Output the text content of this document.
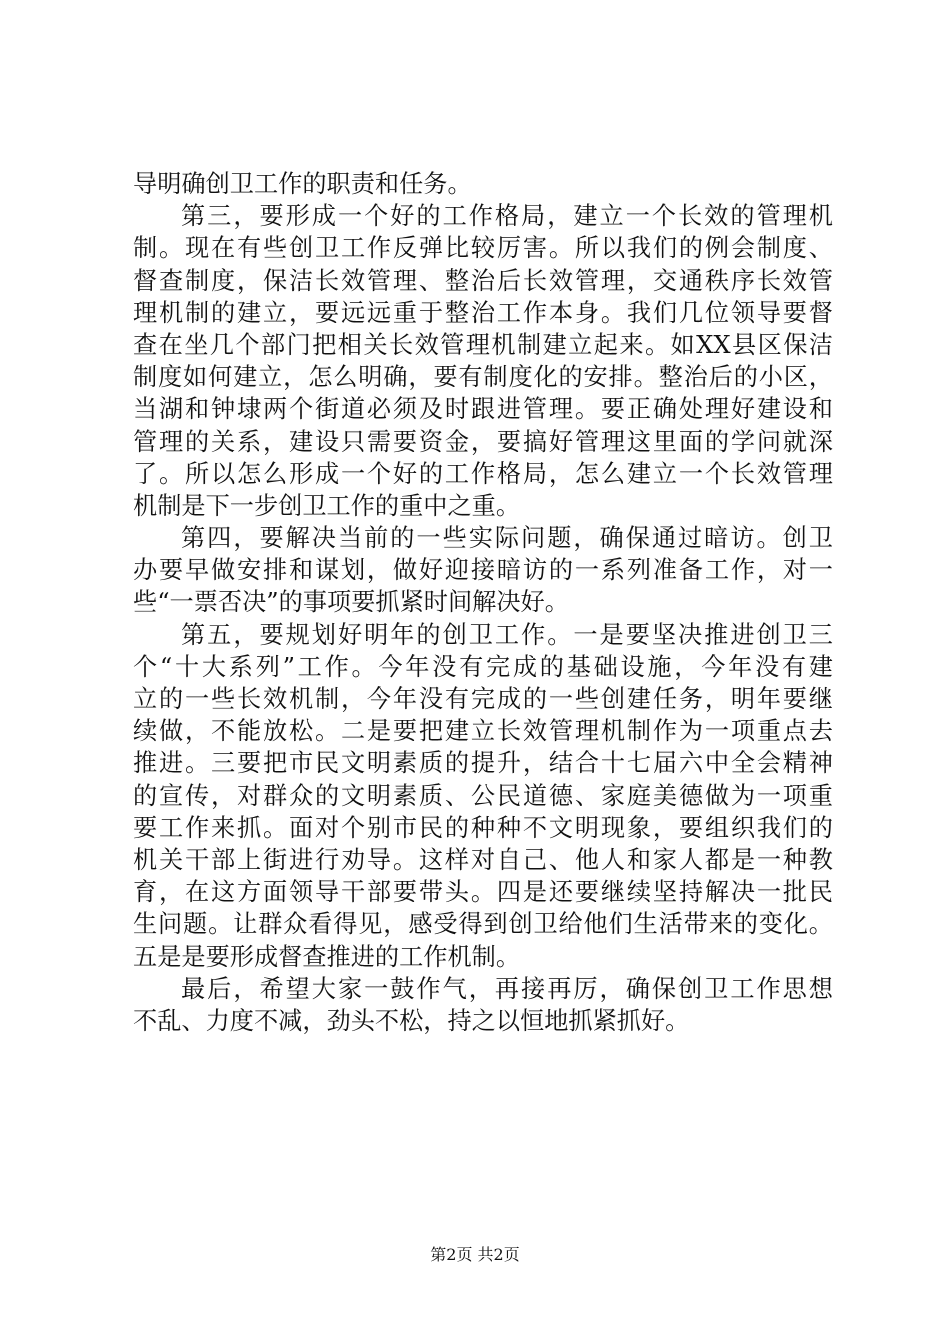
导明确创卫工作的职责和任务。
第三，要形成一个好的工作格局，建立一个长效的管理机
制。现在有些创卫工作反弹比较厉害。所以我们的例会制度、
督查制度，保洁长效管理、整治后长效管理，交通秩序长效管
理机制的建立，要远远重于整治工作本身。我们几位领导要督
查在坐几个部门把相关长效管理机制建立起来。如XX县区保洁
制度如何建立，怎么明确，要有制度化的安排。整治后的小区，
当湖和钟埭两个街道必须及时跟进管理。要正确处理好建设和
管理的关系，建设只需要资金，要搞好管理这里面的学问就深
了。所以怎么形成一个好的工作格局，怎么建立一个长效管理
机制是下一步创卫工作的重中之重。
第四，要解决当前的一些实际问题，确保通过暗访。创卫
办要早做安排和谋划，做好迎接暗访的一系列准备工作，对一
些“一票否决”的事项要抓紧时间解决好。
第五，要规划好明年的创卫工作。一是要坚决推进创卫三
个“十大系列”工作。今年没有完成的基础设施，今年没有建
立的一些长效机制，今年没有完成的一些创建任务，明年要继
续做，不能放松。二是要把建立长效管理机制作为一项重点去
推进。三要把市民文明素质的提升，结合十七届六中全会精神
的宣传，对群众的文明素质、公民道德、家庭美德做为一项重
要工作来抓。面对个别市民的种种不文明现象，要组织我们的
机关干部上街进行劝导。这样对自己、他人和家人都是一种教
育，在这方面领导干部要带头。四是还要继续坚持解决一批民
生问题。让群众看得见，感受得到创卫给他们生活带来的变化。
五是是要形成督查推进的工作机制。
最后，希望大家一鼓作气，再接再厉，确保创卫工作思想
不乱、力度不减，劲头不松，持之以恒地抓紧抓好。
第2页 共2页
